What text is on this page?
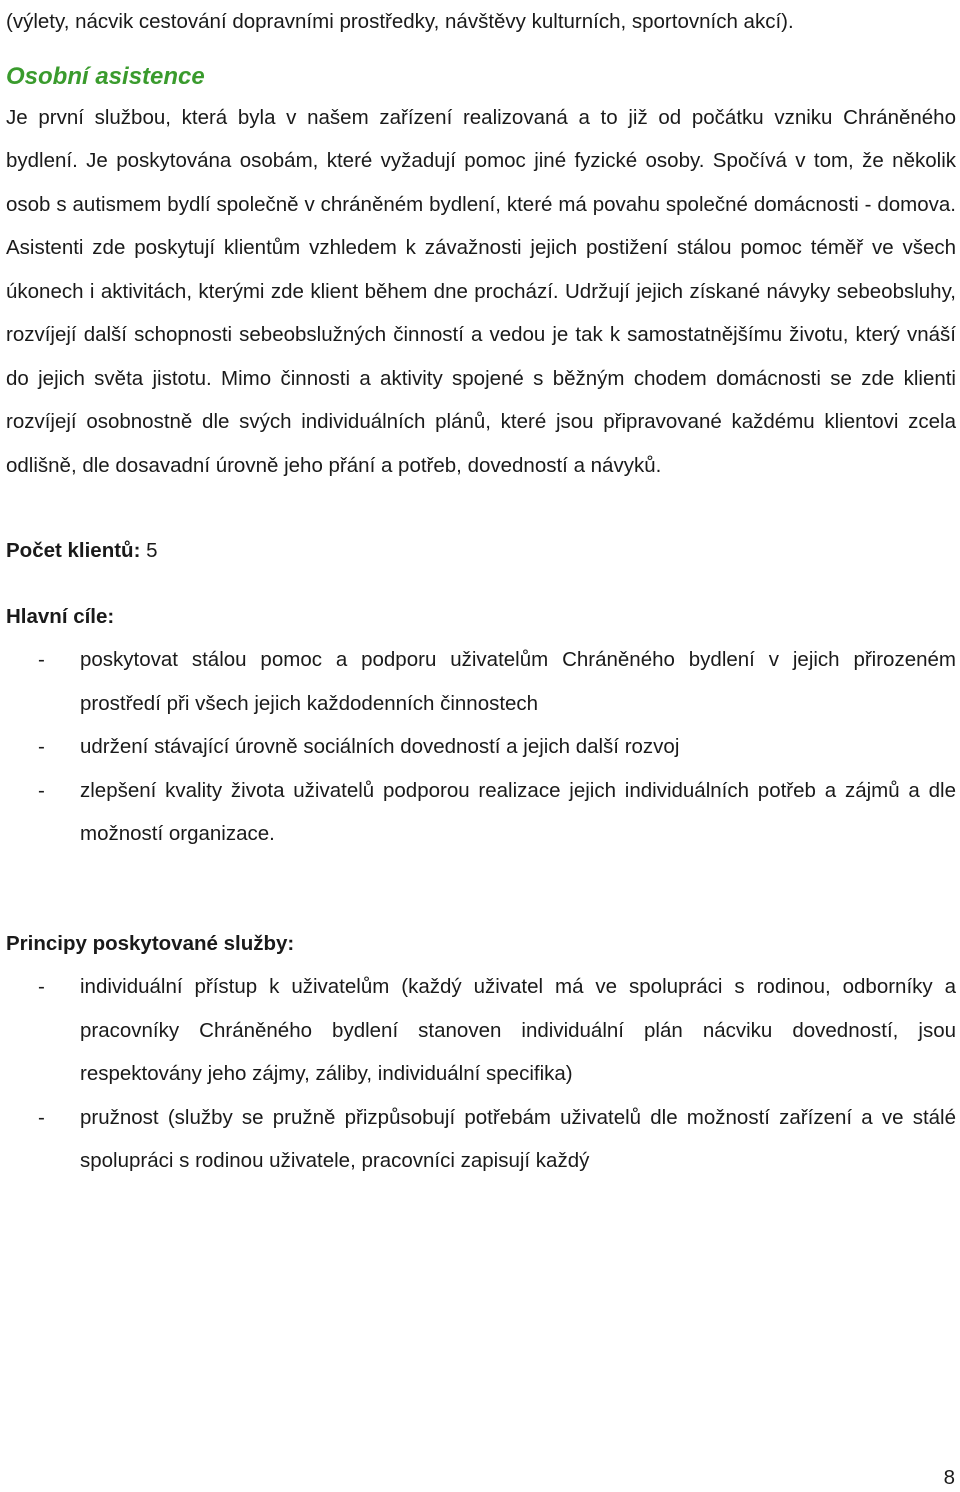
(výlety, nácvik cestování dopravními prostředky, návštěvy kulturních, sportovních akcí).

Osobní asistence

Je první službou, která byla v našem zařízení realizovaná a to již od počátku vzniku Chráněného bydlení. Je poskytována osobám, které vyžadují pomoc jiné fyzické osoby. Spočívá v tom, že několik osob s autismem bydlí společně v chráněném bydlení, které má povahu společné domácnosti - domova. Asistenti zde poskytují klientům vzhledem k závažnosti jejich postižení stálou pomoc téměř ve všech úkonech i aktivitách, kterými zde klient během dne prochází. Udržují jejich získané návyky sebeobsluhy, rozvíjejí další schopnosti sebeobslužných činností a vedou je tak k samostatnějšímu životu, který vnáší do jejich světa jistotu. Mimo činnosti a aktivity spojené s běžným chodem domácnosti se zde klienti rozvíjejí osobnostně dle svých individuálních plánů, které jsou připravované každému klientovi zcela odlišně, dle dosavadní úrovně jeho přání a potřeb, dovedností a návyků.

Počet klientů: 5
Hlavní cíle:
- poskytovat stálou pomoc a podporu uživatelům Chráněného bydlení v jejich přirozeném prostředí při všech jejich každodenních činnostech
- udržení stávající úrovně sociálních dovedností a jejich další rozvoj
- zlepšení kvality života uživatelů podporou realizace jejich individuálních potřeb a zájmů a dle možností organizace.
Principy poskytované služby:
- individuální přístup k uživatelům (každý uživatel má ve spolupráci s rodinou, odborníky a pracovníky Chráněného bydlení stanoven individuální plán nácviku dovedností, jsou respektovány jeho zájmy, záliby, individuální specifika)
- pružnost (služby se pružně přizpůsobují potřebám uživatelů dle možností zařízení a ve stálé spolupráci s rodinou uživatele, pracovníci zapisují každý
8
